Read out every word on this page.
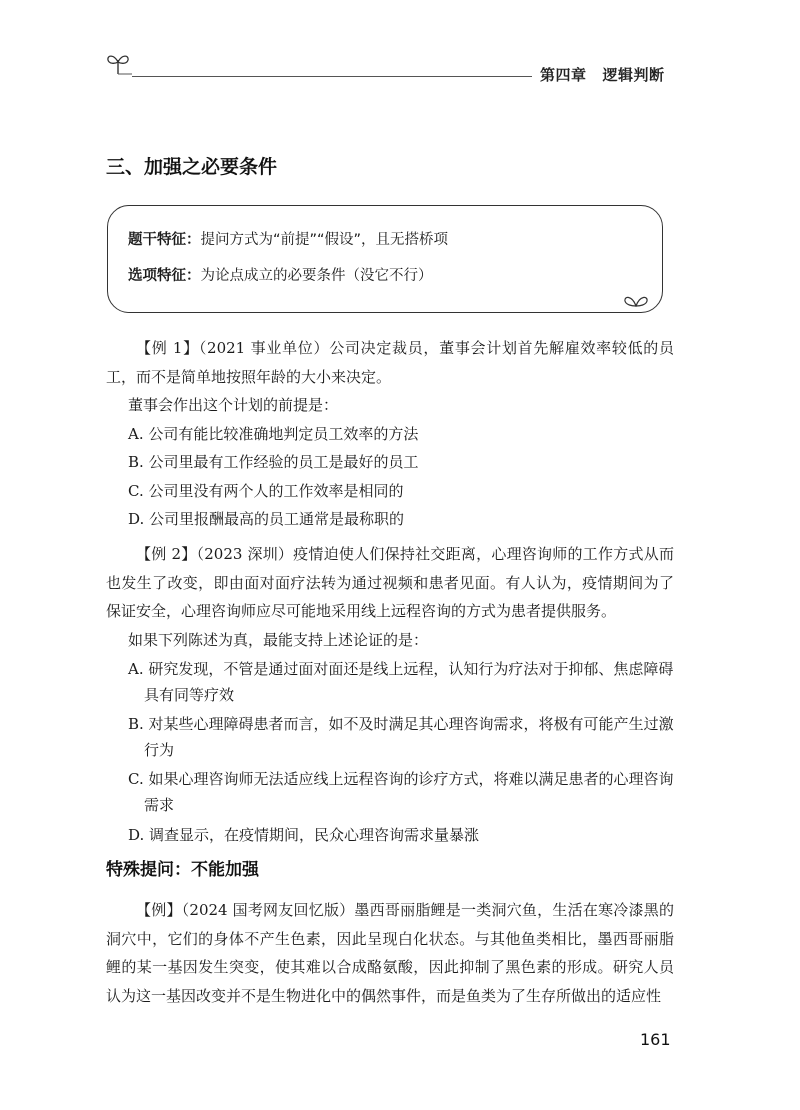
第四章 逻辑判断
三、加强之必要条件
题干特征：提问方式为“前提”“假设”，且无搭桥项
选项特征：为论点成立的必要条件（没它不行）
【例 1】（2021 事业单位）公司决定裁员，董事会计划首先解雇效率较低的员工，而不是简单地按照年龄的大小来决定。
董事会作出这个计划的前提是：
A. 公司有能比较准确地判定员工效率的方法
B. 公司里最有工作经验的员工是最好的员工
C. 公司里没有两个人的工作效率是相同的
D. 公司里报酬最高的员工通常是最称职的
【例 2】（2023 深圳）疫情迫使人们保持社交距离，心理咨询师的工作方式从而也发生了改变，即由面对面疗法转为通过视频和患者见面。有人认为，疫情期间为了保证安全，心理咨询师应尽可能地采用线上远程咨询的方式为患者提供服务。
如果下列陈述为真，最能支持上述论证的是：
A. 研究发现，不管是通过面对面还是线上远程，认知行为疗法对于抑郁、焦虑障碍具有同等疗效
B. 对某些心理障碍患者而言，如不及时满足其心理咨询需求，将极有可能产生过激行为
C. 如果心理咨询师无法适应线上远程咨询的诊疗方式，将难以满足患者的心理咨询需求
D. 调查显示，在疫情期间，民众心理咨询需求量暴涨
特殊提问：不能加强
【例】（2024 国考网友回忆版）墨西哥丽脂鲤是一类洞穴鱼，生活在寒冷漆黑的洞穴中，它们的身体不产生色素，因此呈现白化状态。与其他鱼类相比，墨西哥丽脂鲤的某一基因发生突变，使其难以合成酪氨酸，因此抑制了黑色素的形成。研究人员认为这一基因改变并不是生物进化中的偶然事件，而是鱼类为了生存所做出的适应性
161
